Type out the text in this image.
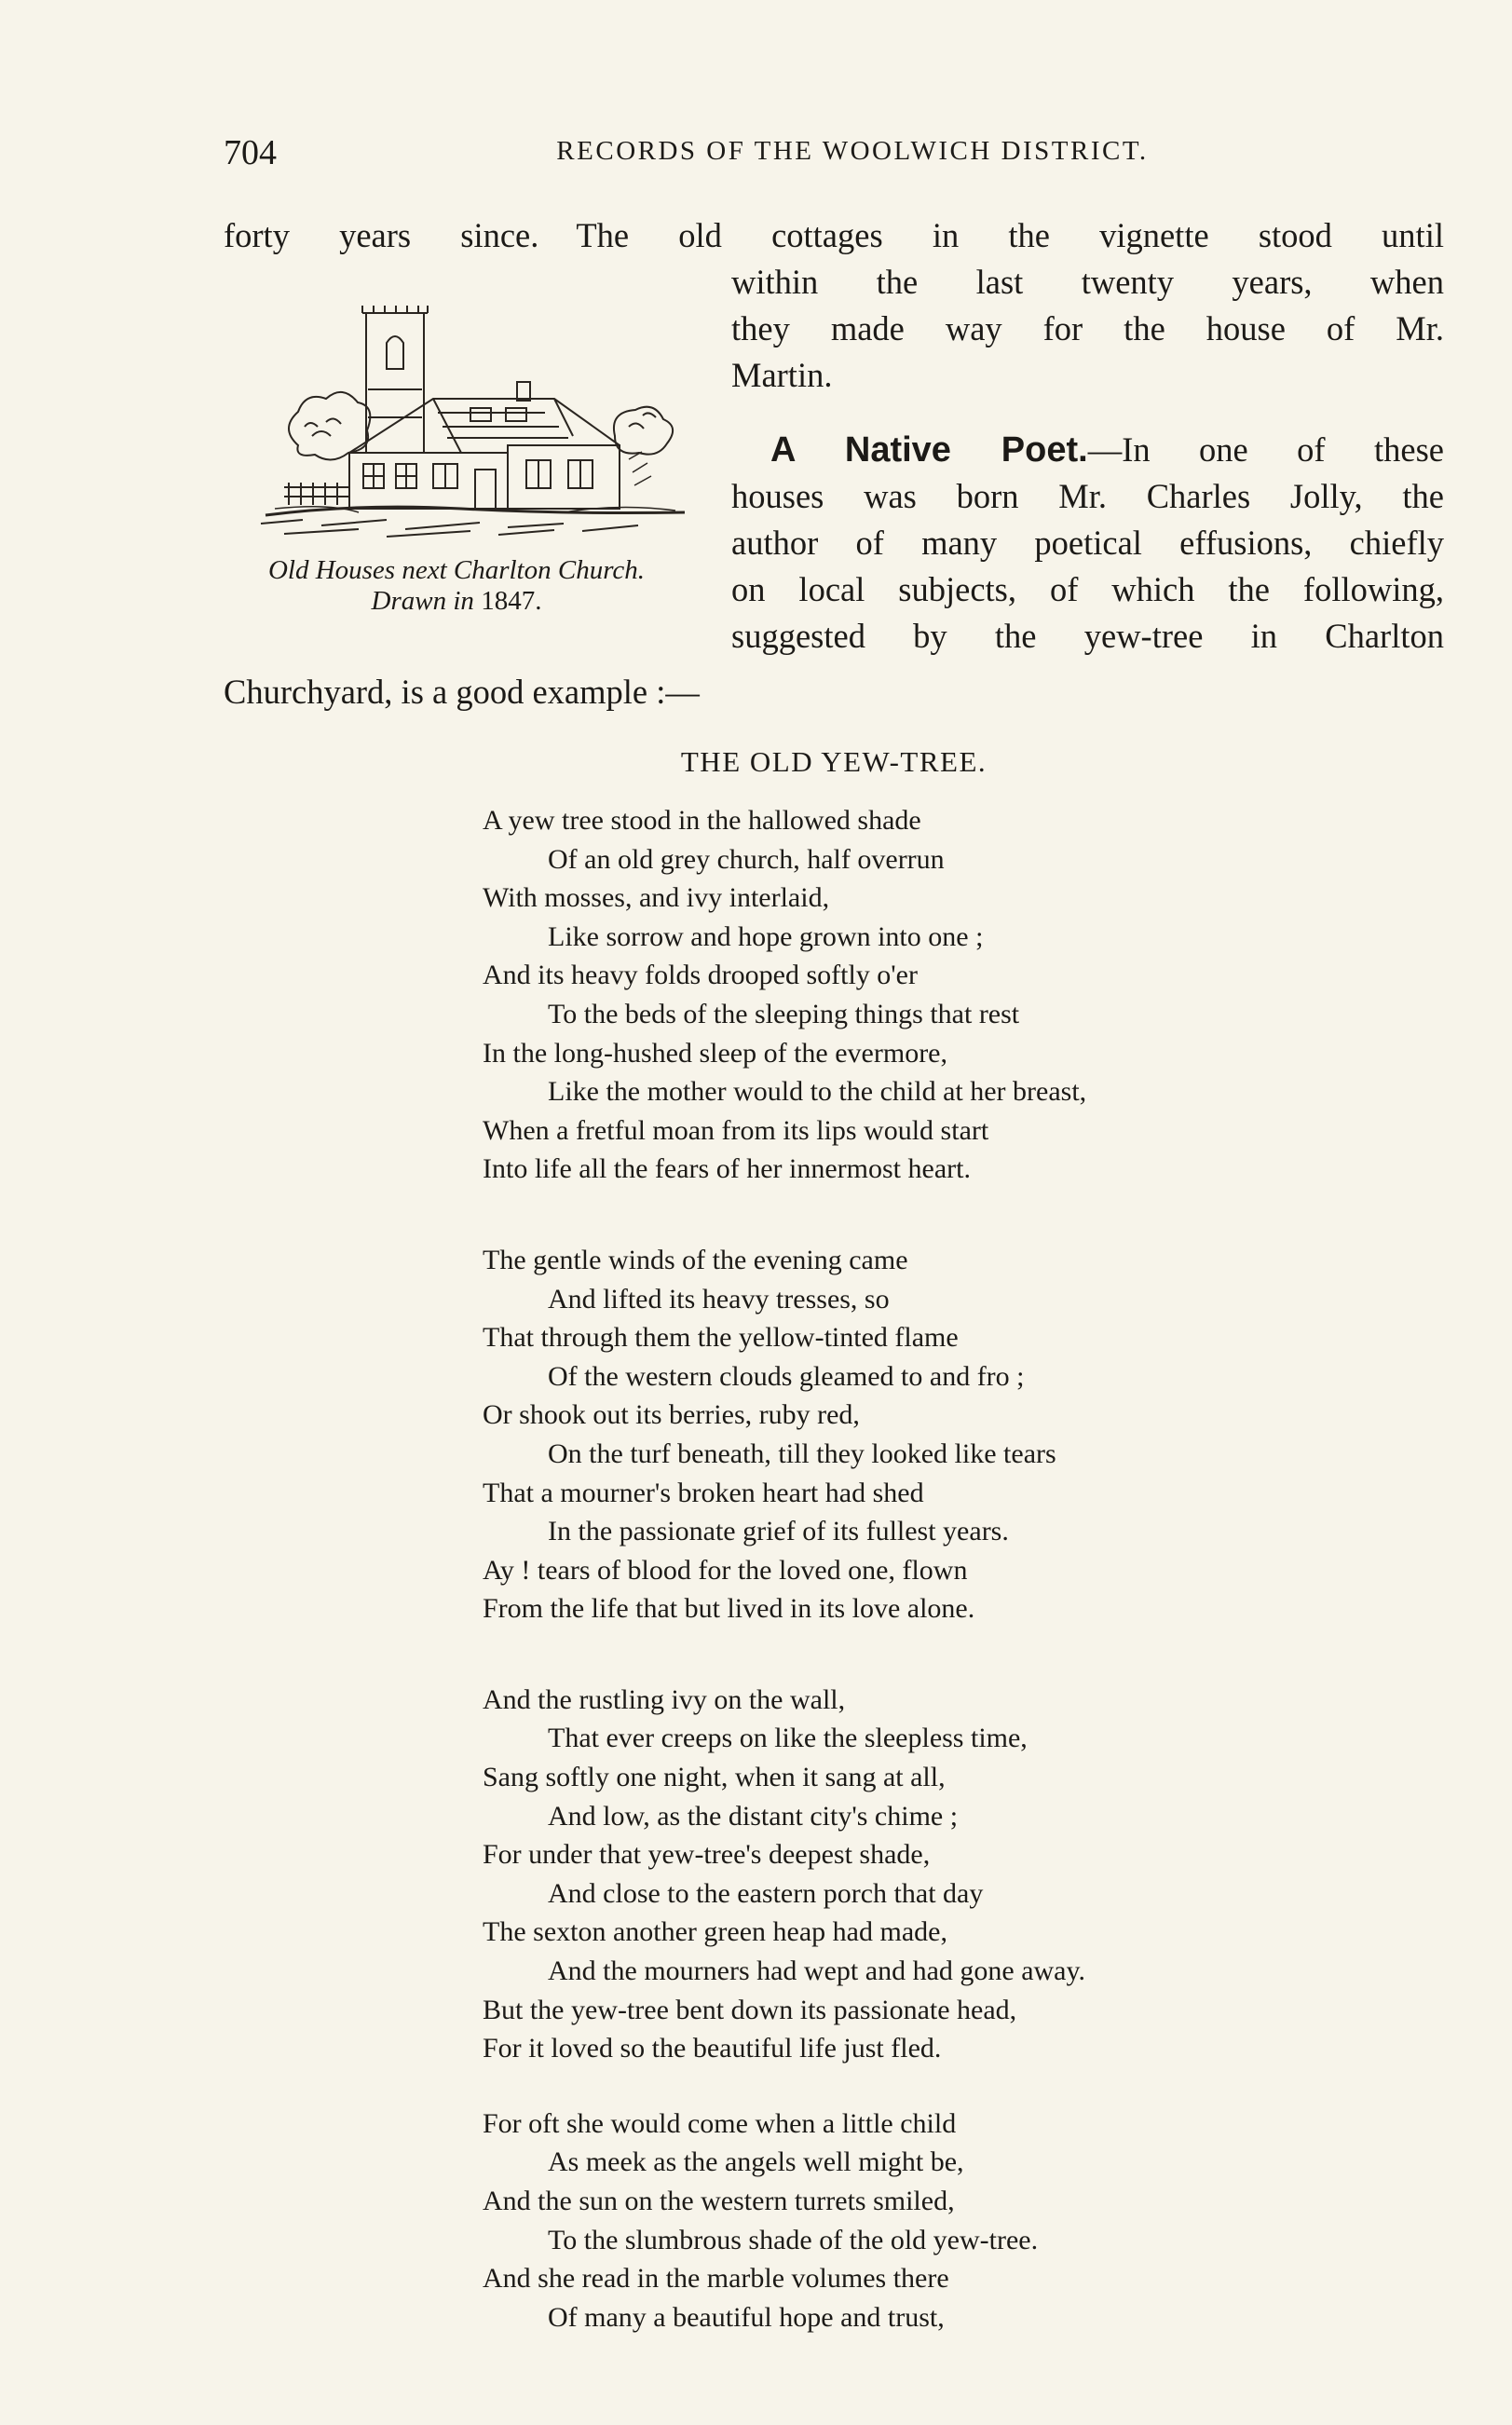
704	RECORDS OF THE WOOLWICH DISTRICT.
forty years since. The old cottages in the vignette stood until
within the last twenty years, when
they made way for the house of Mr.
Martin.
A Native Poet.—In one of these
houses was born Mr. Charles Jolly, the
author of many poetical effusions, chiefly
on local subjects, of which the following,
suggested by the yew-tree in Charlton
Churchyard, is a good example :—
Old Houses next Charlton Church.
Drawn in 1847.
THE OLD YEW-TREE.
A yew tree stood in the hallowed shade
Of an old grey church, half overrun
With mosses, and ivy interlaid,
Like sorrow and hope grown into one ;
And its heavy folds drooped softly o'er
To the beds of the sleeping things that rest
In the long-hushed sleep of the evermore,
Like the mother would to the child at her breast,
When a fretful moan from its lips would start
Into life all the fears of her innermost heart.
The gentle winds of the evening came
And lifted its heavy tresses, so
That through them the yellow-tinted flame
Of the western clouds gleamed to and fro ;
Or shook out its berries, ruby red,
On the turf beneath, till they looked like tears
That a mourner's broken heart had shed
In the passionate grief of its fullest years.
Ay ! tears of blood for the loved one, flown
From the life that but lived in its love alone.
And the rustling ivy on the wall,
That ever creeps on like the sleepless time,
Sang softly one night, when it sang at all,
And low, as the distant city's chime ;
For under that yew-tree's deepest shade,
And close to the eastern porch that day
The sexton another green heap had made,
And the mourners had wept and had gone away.
But the yew-tree bent down its passionate head,
For it loved so the beautiful life just fled.
For oft she would come when a little child
As meek as the angels well might be,
And the sun on the western turrets smiled,
To the slumbrous shade of the old yew-tree.
And she read in the marble volumes there
Of many a beautiful hope and trust,
